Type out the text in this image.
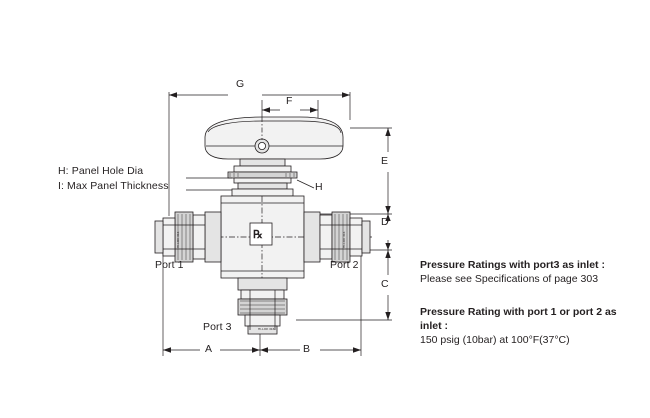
℞
HI-LOK 316	HI-LOK 316
HI-LOK 316
G
F
E
D
C
A	B
H
H: Panel Hole Dia
I: Max Panel Thickness
Port 1	Port 2
Port 3
Pressure Ratings with port3 as inlet :
Please see Specifications of page 303
Pressure Rating with port 1 or port 2 as inlet :
150 psig (10bar) at 100°F(37°C)
